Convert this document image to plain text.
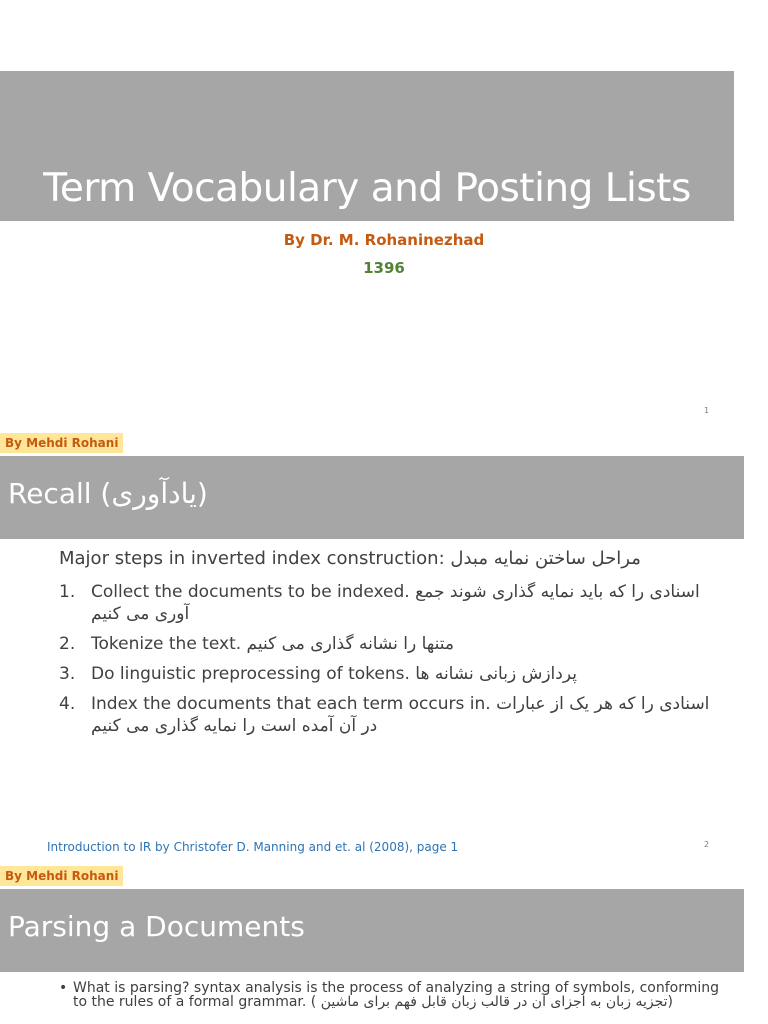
Term Vocabulary and Posting Lists
By Dr. M. Rohaninezhad
1396
1
By Mehdi Rohani
Recall (یادآوری)
Major steps in inverted index construction: مراحل ساختن نمایه مبدل
1. Collect the documents to be indexed. اسنادی را که باید نمایه گذاری شوند جمع آوری می کنیم
2. Tokenize the text. متنها را نشانه گذاری می کنیم
3. Do linguistic preprocessing of tokens. پردازش زبانی نشانه ها
4. Index the documents that each term occurs in. اسنادی را که هر یک از عبارات در آن آمده است را نمایه گذاری می کنیم
Introduction to IR by Christofer D. Manning and et. al (2008), page 1	2
By Mehdi Rohani
Parsing a Documents
• What is parsing? syntax analysis is the process of analyzing a string of symbols, conforming to the rules of a formal grammar. ( تجزیه زبان به اجزای آن در قالب زبان قابل فهم برای ماشین)
